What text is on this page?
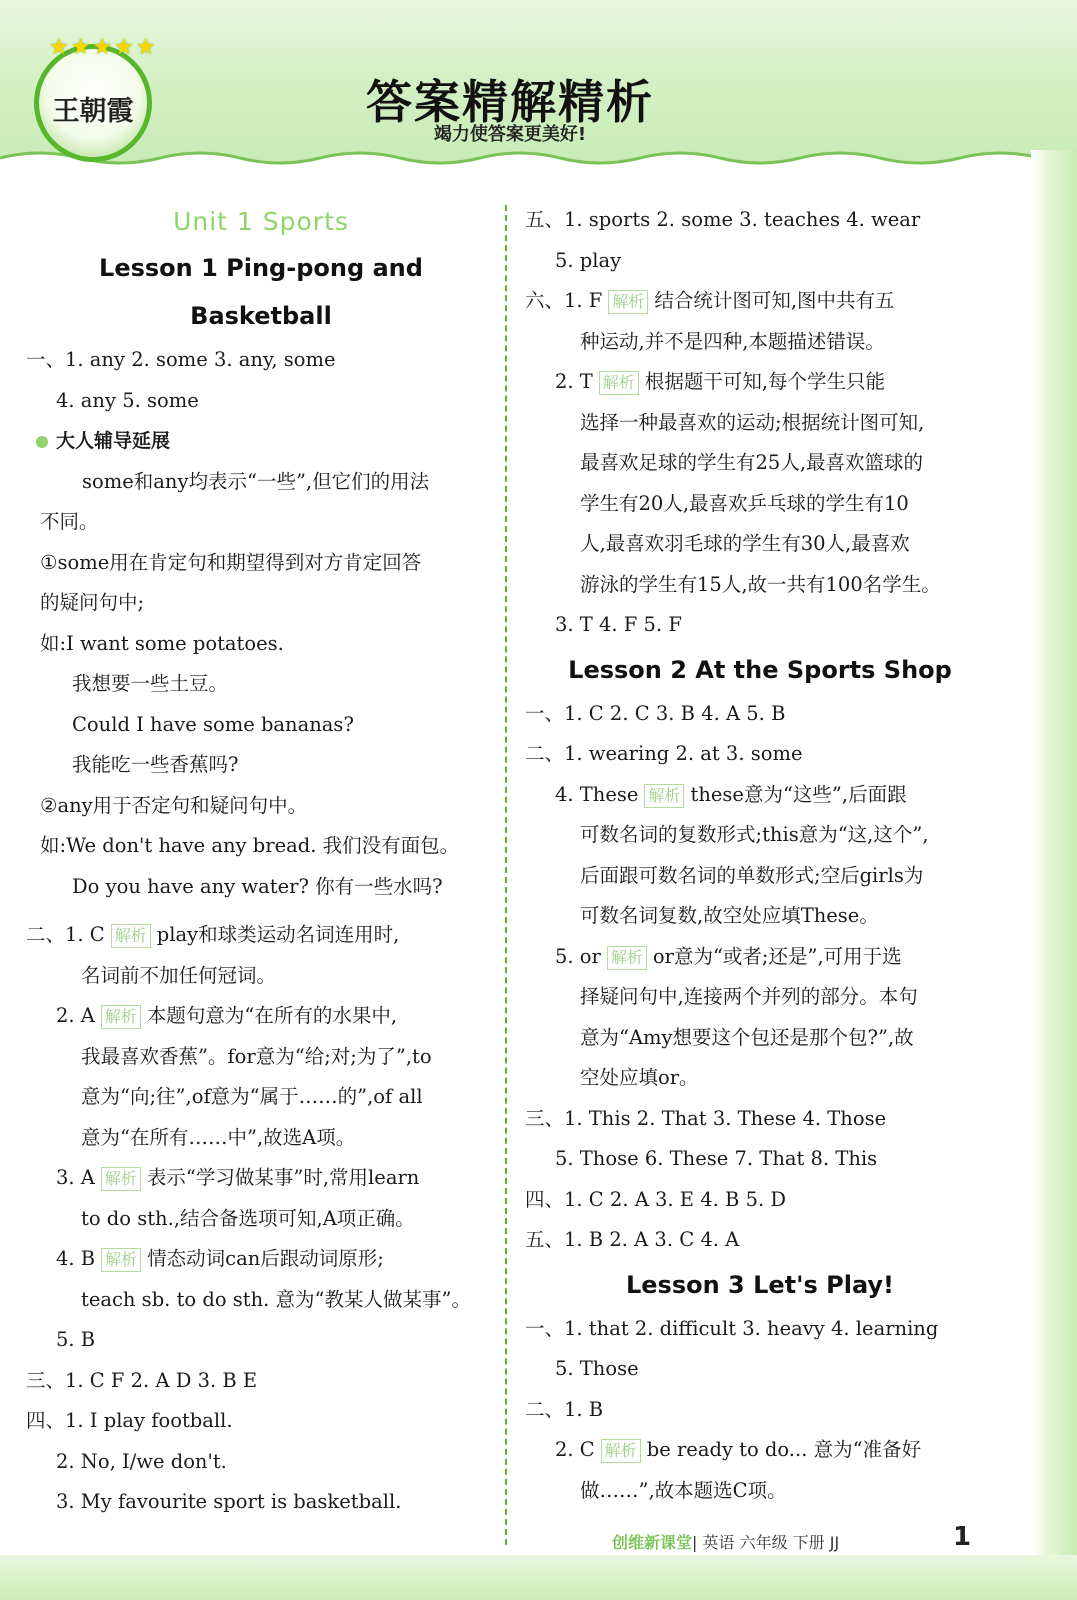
★★★★★
王朝霞	答案精解精析
竭力使答案更美好!
Unit 1 Sports
Lesson 1 Ping-pong and Basketball
一、1. any 2. some 3. any, some
4. any 5. some
大人辅导延展
some和any均表示“一些”,但它们的用法
不同。
①some用在肯定句和期望得到对方肯定回答
的疑问句中;
如:I want some potatoes.
我想要一些土豆。
Could I have some bananas?
我能吃一些香蕉吗?
②any用于否定句和疑问句中。
如:We don't have any bread. 我们没有面包。
Do you have any water? 你有一些水吗?
二、1. C 解析 play和球类运动名词连用时,
名词前不加任何冠词。
2. A 解析 本题句意为“在所有的水果中,
我最喜欢香蕉”。for意为“给;对;为了”,to
意为“向;往”,of意为“属于……的”,of all
意为“在所有……中”,故选A项。
3. A 解析 表示“学习做某事”时,常用learn
to do sth.,结合备选项可知,A项正确。
4. B 解析 情态动词can后跟动词原形;
teach sb. to do sth. 意为“教某人做某事”。
5. B
三、1. C F 2. A D 3. B E
四、1. I play football.
2. No, I/we don't.
3. My favourite sport is basketball.
五、1. sports 2. some 3. teaches 4. wear
5. play
六、1. F 解析 结合统计图可知,图中共有五
种运动,并不是四种,本题描述错误。
2. T 解析 根据题干可知,每个学生只能
选择一种最喜欢的运动;根据统计图可知,
最喜欢足球的学生有25人,最喜欢篮球的
学生有20人,最喜欢乒乓球的学生有10
人,最喜欢羽毛球的学生有30人,最喜欢
游泳的学生有15人,故一共有100名学生。
3. T 4. F 5. F
Lesson 2 At the Sports Shop
一、1. C 2. C 3. B 4. A 5. B
二、1. wearing 2. at 3. some
4. These 解析 these意为“这些”,后面跟
可数名词的复数形式;this意为“这,这个”,
后面跟可数名词的单数形式;空后girls为
可数名词复数,故空处应填These。
5. or 解析 or意为“或者;还是”,可用于选
择疑问句中,连接两个并列的部分。本句
意为“Amy想要这个包还是那个包?”,故
空处应填or。
三、1. This 2. That 3. These 4. Those
5. Those 6. These 7. That 8. This
四、1. C 2. A 3. E 4. B 5. D
五、1. B 2. A 3. C 4. A
Lesson 3 Let's Play!
一、1. that 2. difficult 3. heavy 4. learning
5. Those
二、1. B
2. C 解析 be ready to do... 意为“准备好
做……”,故本题选C项。
创维新课堂| 英语 六年级 下册 JJ	1
